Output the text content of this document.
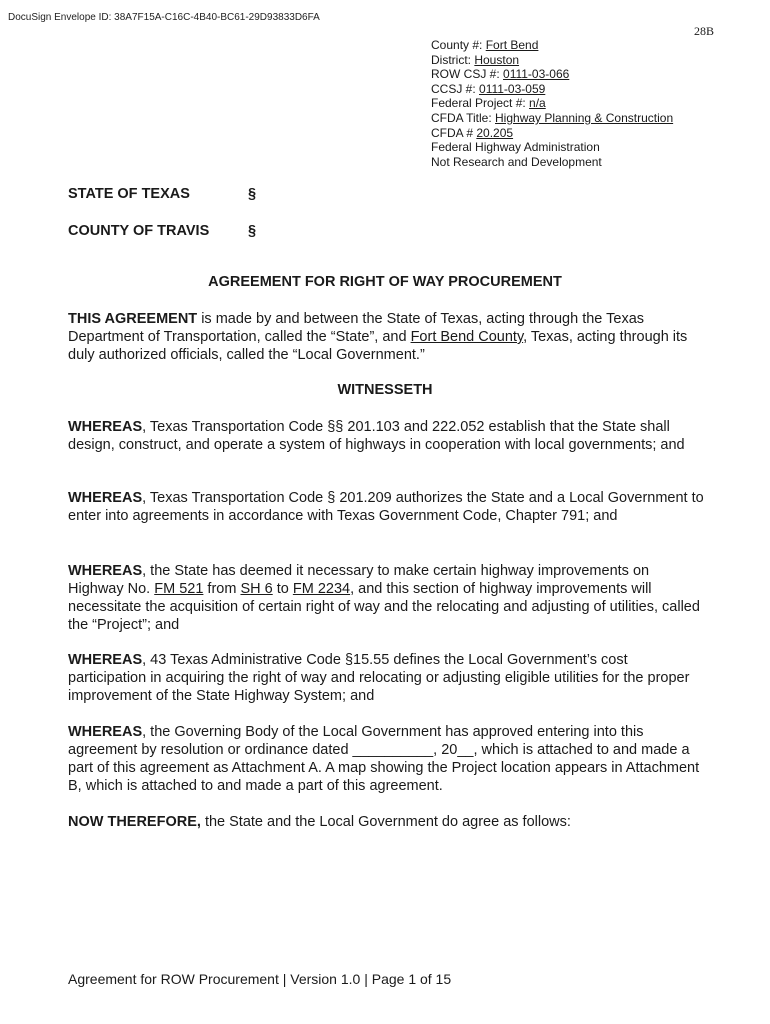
DocuSign Envelope ID: 38A7F15A-C16C-4B40-BC61-29D93833D6FA
28B
County #: Fort Bend
District: Houston
ROW CSJ #: 0111-03-066
CCSJ #: 0111-03-059
Federal Project #: n/a
CFDA Title: Highway Planning & Construction
CFDA # 20.205
Federal Highway Administration
Not Research and Development
STATE OF TEXAS	§
COUNTY OF TRAVIS	§
AGREEMENT FOR RIGHT OF WAY PROCUREMENT
THIS AGREEMENT is made by and between the State of Texas, acting through the Texas Department of Transportation, called the “State”, and Fort Bend County, Texas, acting through its duly authorized officials, called the “Local Government.”
WITNESSETH
WHEREAS, Texas Transportation Code §§ 201.103 and 222.052 establish that the State shall design, construct, and operate a system of highways in cooperation with local governments; and
WHEREAS, Texas Transportation Code § 201.209 authorizes the State and a Local Government to enter into agreements in accordance with Texas Government Code, Chapter 791; and
WHEREAS, the State has deemed it necessary to make certain highway improvements on Highway No. FM 521 from SH 6 to FM 2234, and this section of highway improvements will necessitate the acquisition of certain right of way and the relocating and adjusting of utilities, called the “Project”; and
WHEREAS, 43 Texas Administrative Code §15.55 defines the Local Government’s cost participation in acquiring the right of way and relocating or adjusting eligible utilities for the proper improvement of the State Highway System; and
WHEREAS, the Governing Body of the Local Government has approved entering into this agreement by resolution or ordinance dated __________, 20__, which is attached to and made a part of this agreement as Attachment A. A map showing the Project location appears in Attachment B, which is attached to and made a part of this agreement.
NOW THEREFORE, the State and the Local Government do agree as follows:
Agreement for ROW Procurement | Version 1.0 | Page 1 of 15
